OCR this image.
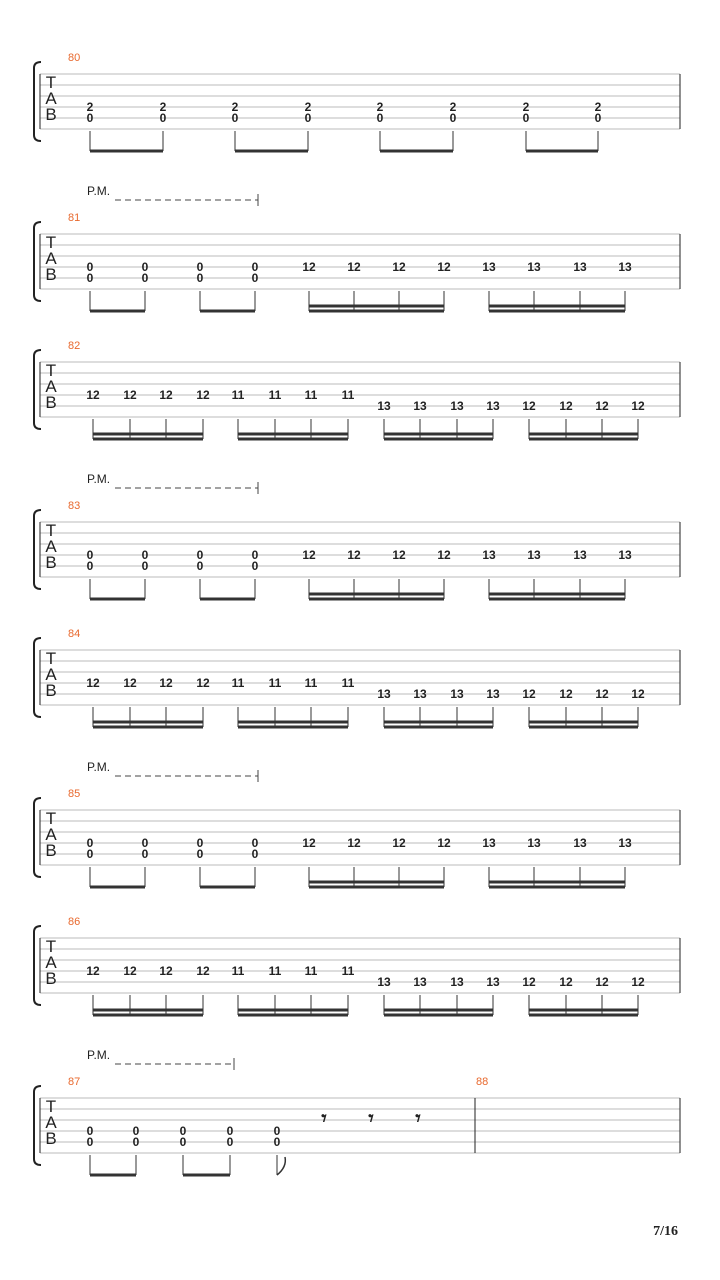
T
A
B
80
2
0
2
0
2
0
2
0
2
0
2
0
2
0
2
0
T
A
B
P.M.
81
0
0
0
0
0
0
0
0
12	12	12	12	13	13	13	13
T
A
B
82
12 12 12 12 11 11 11 11
13 13 13 13 12 12 12 12
T
A
B
P.M.
83
0
0
0
0
0
0
0
0
12	12	12	12	13	13	13	13
T
A
B
84
12 12 12 12 11 11 11 11
13 13 13 13 12 12 12 12
T
A
B
P.M.
85
0
0
0
0
0
0
0
0
12	12	12	12	13	13	13	13
T
A
B
86
12 12 12 12 11 11 11 11
13 13 13 13 12 12 12 12
T
A
B
P.M.
87
0
0
0
0
0
0
0
0
0
0
𝄾 𝄾 𝄾
88
7/16
